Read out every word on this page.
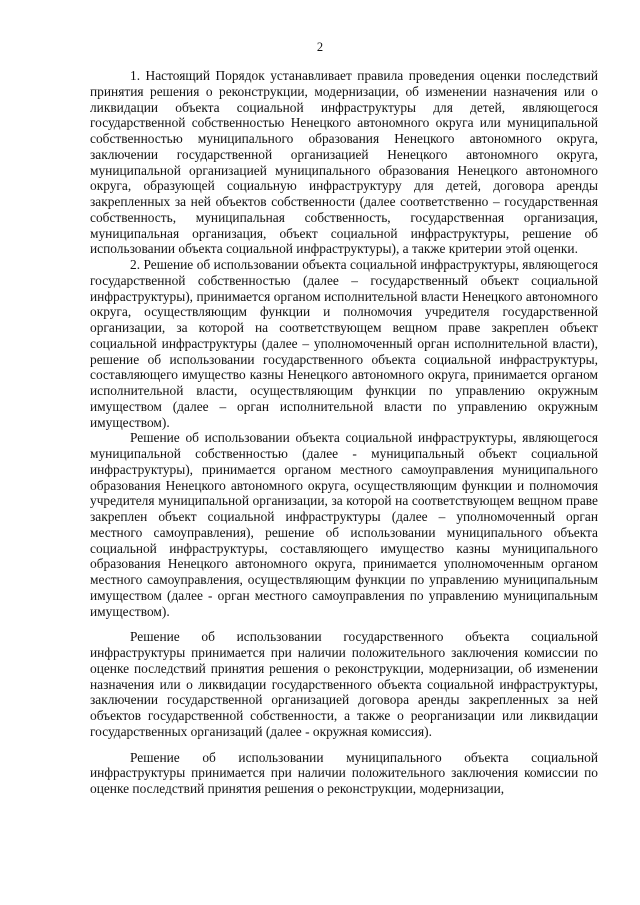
2

1. Настоящий Порядок устанавливает правила проведения оценки последствий принятия решения о реконструкции, модернизации, об изменении назначения или о ликвидации объекта социальной инфраструктуры для детей, являющегося государственной собственностью Ненецкого автономного округа или муниципальной собственностью муниципального образования Ненецкого автономного округа, заключении государственной организацией Ненецкого автономного округа, муниципальной организацией муниципального образования Ненецкого автономного округа, образующей социальную инфраструктуру для детей, договора аренды закрепленных за ней объектов собственности (далее соответственно – государственная собственность, муниципальная собственность, государственная организация, муниципальная организация, объект социальной инфраструктуры, решение об использовании объекта социальной инфраструктуры), а также критерии этой оценки.

2. Решение об использовании объекта социальной инфраструктуры, являющегося государственной собственностью (далее – государственный объект социальной инфраструктуры), принимается органом исполнительной власти Ненецкого автономного округа, осуществляющим функции и полномочия учредителя государственной организации, за которой на соответствующем вещном праве закреплен объект социальной инфраструктуры (далее – уполномоченный орган исполнительной власти), решение об использовании государственного объекта социальной инфраструктуры, составляющего имущество казны Ненецкого автономного округа, принимается органом исполнительной власти, осуществляющим функции по управлению окружным имуществом (далее – орган исполнительной власти по управлению окружным имуществом).

Решение об использовании объекта социальной инфраструктуры, являющегося муниципальной собственностью (далее - муниципальный объект социальной инфраструктуры), принимается органом местного самоуправления муниципального образования Ненецкого автономного округа, осуществляющим функции и полномочия учредителя муниципальной организации, за которой на соответствующем вещном праве закреплен объект социальной инфраструктуры (далее – уполномоченный орган местного самоуправления), решение об использовании муниципального объекта социальной инфраструктуры, составляющего имущество казны муниципального образования Ненецкого автономного округа, принимается уполномоченным органом местного самоуправления, осуществляющим функции по управлению муниципальным имуществом (далее - орган местного самоуправления по управлению муниципальным имуществом).

Решение об использовании государственного объекта социальной инфраструктуры принимается при наличии положительного заключения комиссии по оценке последствий принятия решения о реконструкции, модернизации, об изменении назначения или о ликвидации государственного объекта социальной инфраструктуры, заключении государственной организацией договора аренды закрепленных за ней объектов государственной собственности, а также о реорганизации или ликвидации государственных организаций (далее - окружная комиссия).

Решение об использовании муниципального объекта социальной инфраструктуры принимается при наличии положительного заключения комиссии по оценке последствий принятия решения о реконструкции, модернизации,
